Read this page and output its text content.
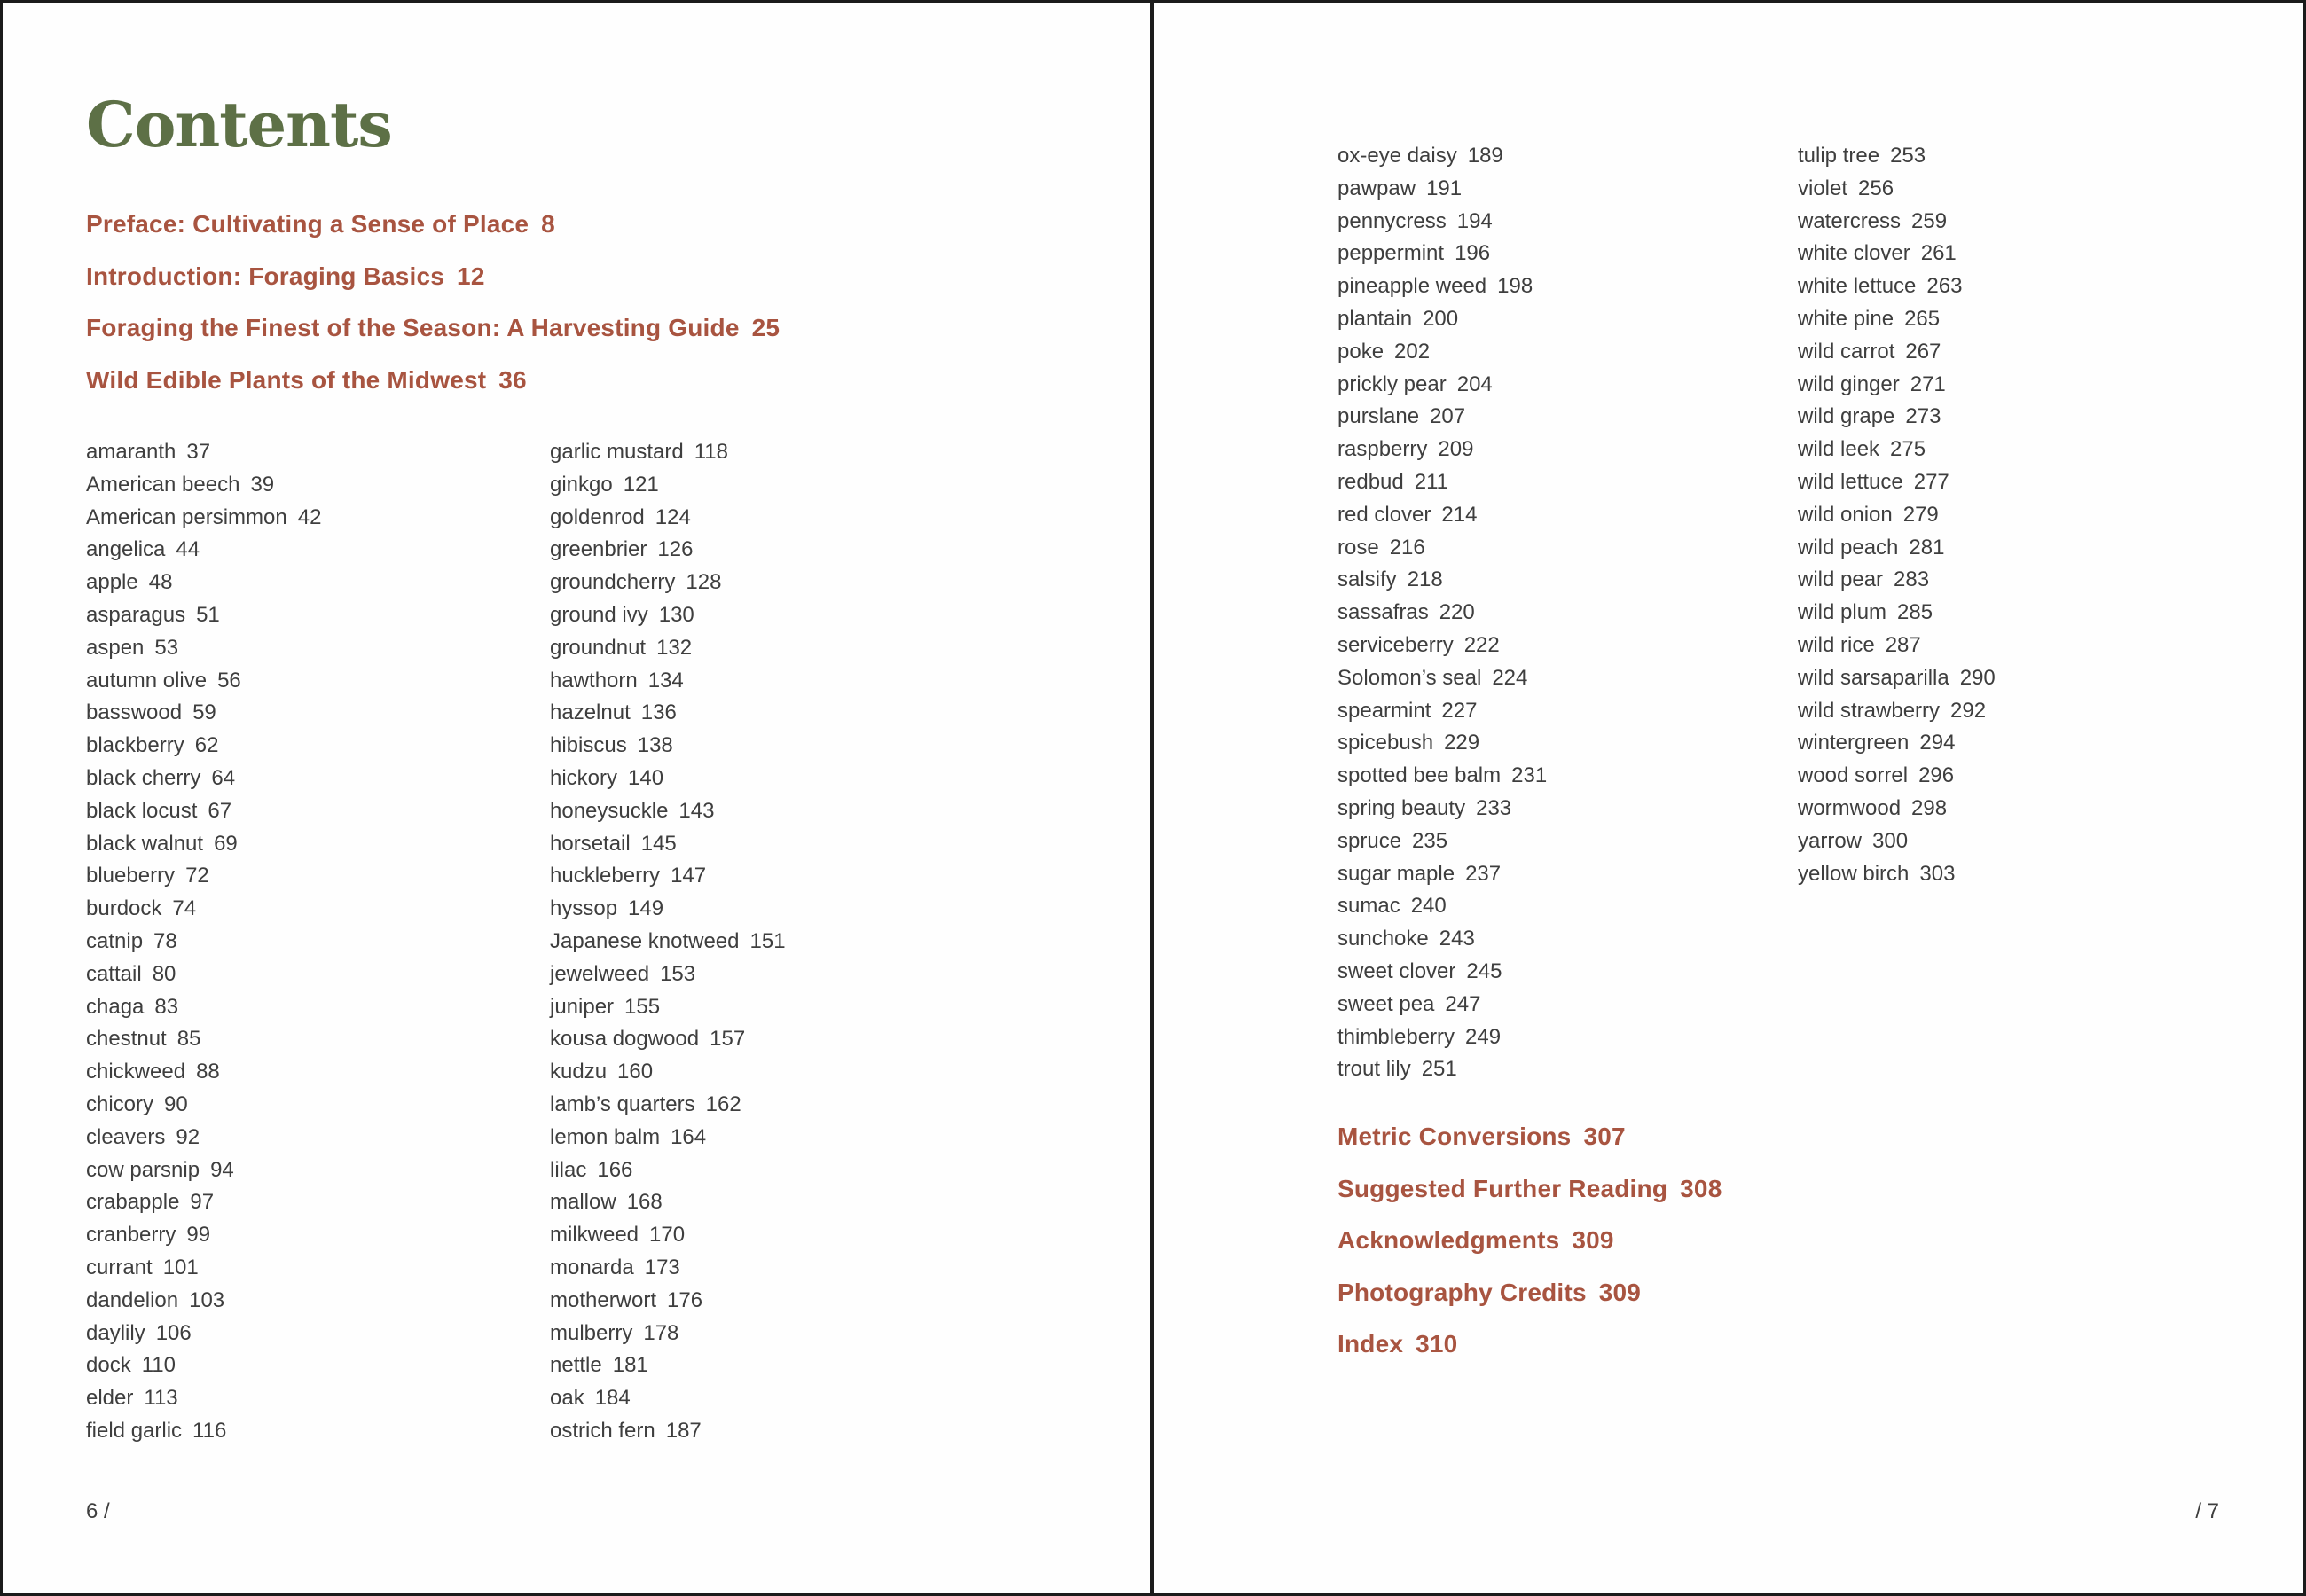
Contents
Preface: Cultivating a Sense of Place 8
Introduction: Foraging Basics 12
Foraging the Finest of the Season: A Harvesting Guide 25
Wild Edible Plants of the Midwest 36
amaranth 37
American beech 39
American persimmon 42
angelica 44
apple 48
asparagus 51
aspen 53
autumn olive 56
basswood 59
blackberry 62
black cherry 64
black locust 67
black walnut 69
blueberry 72
burdock 74
catnip 78
cattail 80
chaga 83
chestnut 85
chickweed 88
chicory 90
cleavers 92
cow parsnip 94
crabapple 97
cranberry 99
currant 101
dandelion 103
daylily 106
dock 110
elder 113
field garlic 116
garlic mustard 118
ginkgo 121
goldenrod 124
greenbrier 126
groundcherry 128
ground ivy 130
groundnut 132
hawthorn 134
hazelnut 136
hibiscus 138
hickory 140
honeysuckle 143
horsetail 145
huckleberry 147
hyssop 149
Japanese knotweed 151
jewelweed 153
juniper 155
kousa dogwood 157
kudzu 160
lamb’s quarters 162
lemon balm 164
lilac 166
mallow 168
milkweed 170
monarda 173
motherwort 176
mulberry 178
nettle 181
oak 184
ostrich fern 187
6 /
ox-eye daisy 189
pawpaw 191
pennycress 194
peppermint 196
pineapple weed 198
plantain 200
poke 202
prickly pear 204
purslane 207
raspberry 209
redbud 211
red clover 214
rose 216
salsify 218
sassafras 220
serviceberry 222
Solomon’s seal 224
spearmint 227
spicebush 229
spotted bee balm 231
spring beauty 233
spruce 235
sugar maple 237
sumac 240
sunchoke 243
sweet clover 245
sweet pea 247
thimbleberry 249
trout lily 251
tulip tree 253
violet 256
watercress 259
white clover 261
white lettuce 263
white pine 265
wild carrot 267
wild ginger 271
wild grape 273
wild leek 275
wild lettuce 277
wild onion 279
wild peach 281
wild pear 283
wild plum 285
wild rice 287
wild sarsaparilla 290
wild strawberry 292
wintergreen 294
wood sorrel 296
wormwood 298
yarrow 300
yellow birch 303
Metric Conversions 307
Suggested Further Reading 308
Acknowledgments 309
Photography Credits 309
Index 310
/ 7
